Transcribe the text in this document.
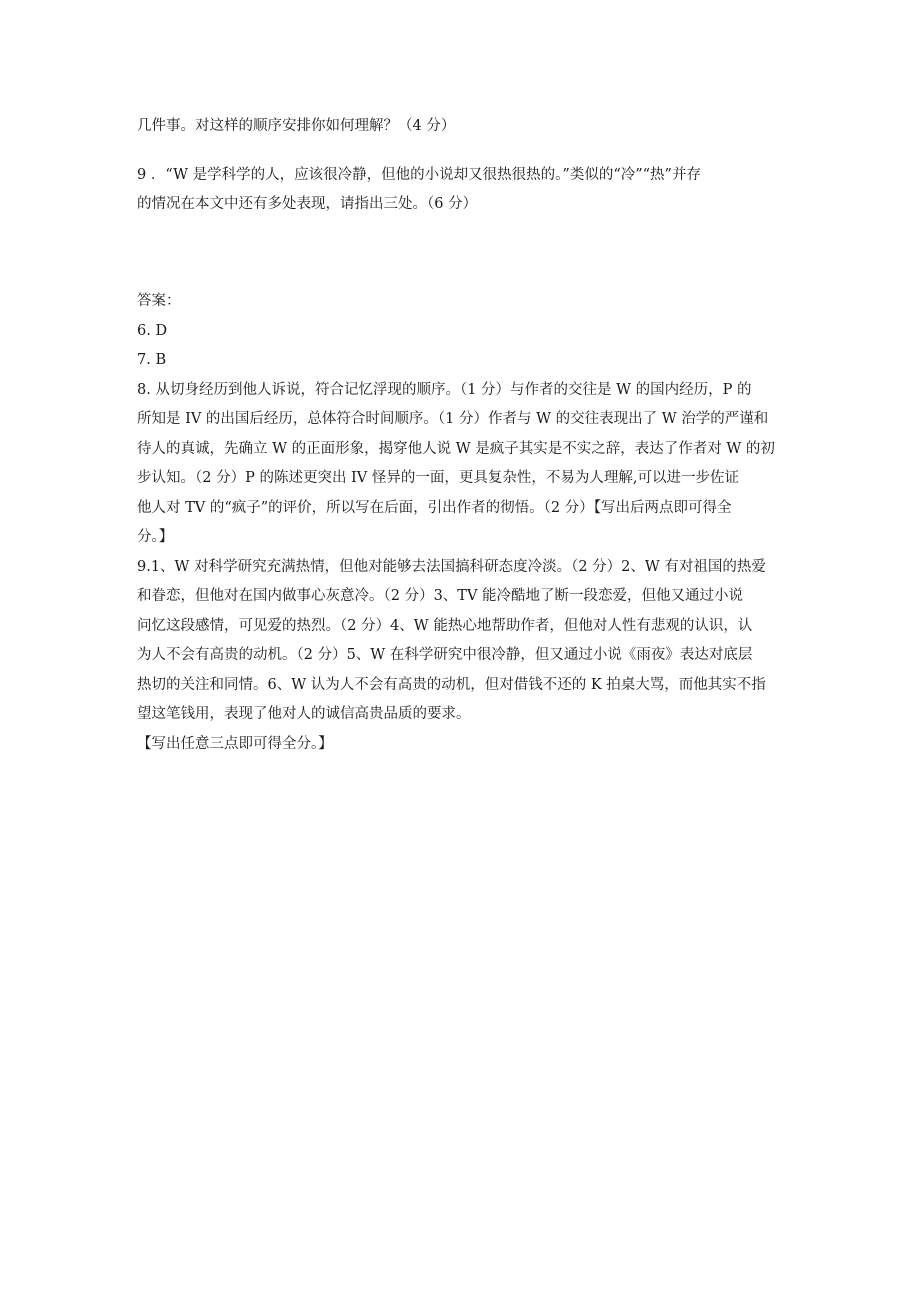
几件事。对这样的顺序安排你如何理解？（4 分）
9 ．“W 是学科学的人，应该很冷静，但他的小说却又很热很热的。”类似的“冷”“热”并存
的情况在本文中还有多处表现，请指出三处。（6 分）
答案：
6. D
7. B
8. 从切身经历到他人诉说，符合记忆浮现的顺序。（1 分）与作者的交往是 W 的国内经历，P 的
所知是 IV 的出国后经历，总体符合时间顺序。（1 分）作者与 W 的交往表现出了 W 治学的严谨和
待人的真诚，先确立 W 的正面形象，揭穿他人说 W 是疯子其实是不实之辞，表达了作者对 W 的初
步认知。（2 分）P 的陈述更突出 IV 怪异的一面，更具复杂性，不易为人理解,可以进一步佐证
他人对 TV 的“疯子”的评价，所以写在后面，引出作者的彻悟。（2 分）【写出后两点即可得全
分。】
9.1、W 对科学研究充满热情，但他对能够去法国搞科研态度冷淡。（2 分）2、W 有对祖国的热爱
和眷恋，但他对在国内做事心灰意冷。（2 分）3、TV 能冷酷地了断一段恋爱，但他又通过小说
问忆这段感情，可见爱的热烈。（2 分）4、W 能热心地帮助作者，但他对人性有悲观的认识，认
为人不会有高贵的动机。（2 分）5、W 在科学研究中很冷静，但又通过小说《雨夜》表达对底层
热切的关注和同情。6、W 认为人不会有高贵的动机，但对借钱不还的 K 拍桌大骂，而他其实不指
望这笔钱用，表现了他对人的诚信高贵品质的要求。
【写出任意三点即可得全分。】
